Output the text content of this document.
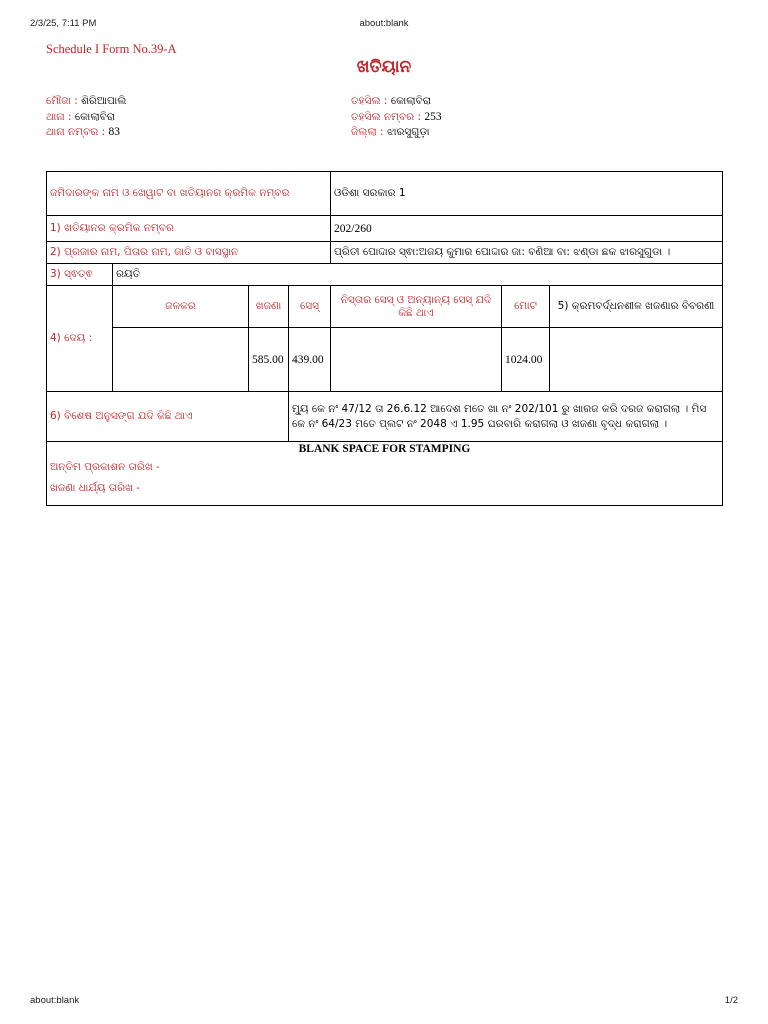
2/3/25, 7:11 PM	about:blank
Schedule I Form No.39-A
ଖତିୟାନ
ମୌଜା : ଶିରିଆପାଲି
ଥାନା : କୋଲାବିରା
ଥାନା ନମ୍ବର : 83
ତହସିଲ : କୋଲାବିରା
ତହସିଲ ନମ୍ବର : 253
ଜିଲ୍ଲା : ଝାରସୁଗୁଡ଼ା
ଜମିଦାରଙ୍କ ନାମ ଓ ଖେୱାଟ ବା ଖତିୟାନର କ୍ରମିକ ନମ୍ବର				ଓଡିଶା ସରକାର 1		
1) ଖତିୟାନର କ୍ରମିକ ନମ୍ବର				202/260		
2) ପ୍ରଜାର ନାମ, ପିତାର ନାମ, ଜାତି ଓ ବାସସ୍ଥାନ				ପ୍ରିତୀ ପୋଦ୍ଦାର ସ୍ଵା:ଅଜୟ କୁମାର ପୋଦ୍ଦାର ଜା: ବଣିଆ ବା: ଝଣ୍ଡା ଛକ ଝାରସୁଗୁଡା ।		
3) ସ୍ଵତ୍ଵ	ରୟତି					
4) ଦେୟ :	ଜଳକର	ଖଜଣା	ସେସ୍	ନିସ୍ତାର ସେସ୍ ଓ ଅନ୍ୟାନ୍ୟ ସେସ୍ ଯଦି କିଛି ଥାଏ	ମୋଟ	5) କ୍ରମବର୍ଦ୍ଧନଶୀଳ ଖଜଣାର ବିବରଣୀ
		585.00	439.00		1024.00	
6) ବିଶେଷ ଅନୁସଙ୍ଗ ଯଦି କିଛି ଥାଏ			ମ୍ୟୁ କେ ନଂ 47/12 ତା 26.6.12 ଆଦେଶ ମତେ ଖା ନଂ 202/101 ରୁ ଖାରଜ କରି ଦରଜ କରାଗଲା । ମିସ କେ ନଂ 64/23 ମତେ ପ୍ଲଟ ନଂ 2048 ଏ 1.95 ଘରବାରି କରାଗଲା ଓ ଖଜଣା ବୃଦ୍ଧ କରାଗଲା ।			

BLANK SPACE FOR STAMPING
ଅନ୍ତିମ ପ୍ରକାଶନ ତାରିଖ -
ଖଜଣା ଧାର୍ଯ୍ୟ ତାରିଖ -						
about:blank	1/2
